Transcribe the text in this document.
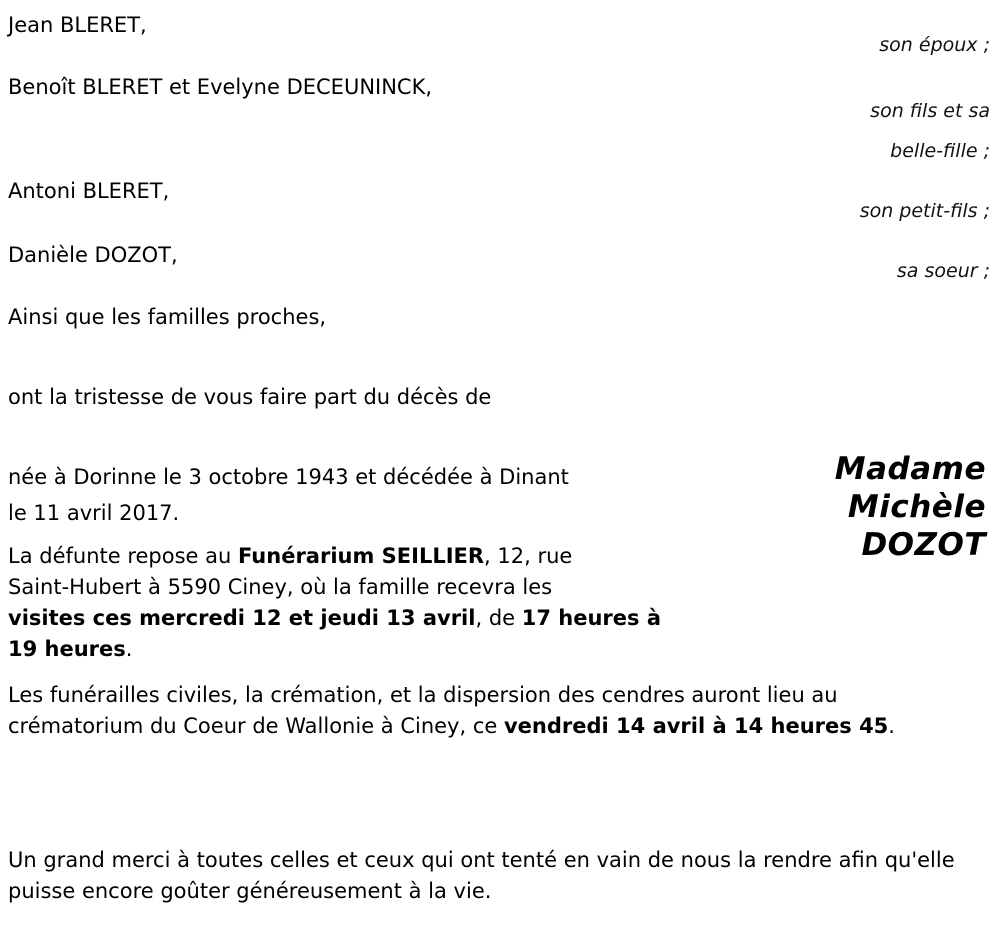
Jean BLERET,
son époux ;
Benoît BLERET et Evelyne DECEUNINCK,
son fils et sa
belle-fille ;
Antoni BLERET,
son petit-fils ;
Danièle DOZOT,
sa soeur ;
Ainsi que les familles proches,
ont la tristesse de vous faire part du décès de
Madame
Michèle
DOZOT
née à Dorinne le 3 octobre 1943 et décédée à Dinant
le 11 avril 2017.
La défunte repose au Funérarium SEILLIER, 12, rue
Saint-Hubert à 5590 Ciney, où la famille recevra les
visites ces mercredi 12 et jeudi 13 avril, de 17 heures à 19 heures.
Les funérailles civiles, la crémation, et la dispersion des cendres auront lieu au crématorium du Coeur de Wallonie à Ciney, ce vendredi 14 avril à 14 heures 45.
Un grand merci à toutes celles et ceux qui ont tenté en vain de nous la rendre afin qu'elle puisse encore goûter généreusement à la vie.
